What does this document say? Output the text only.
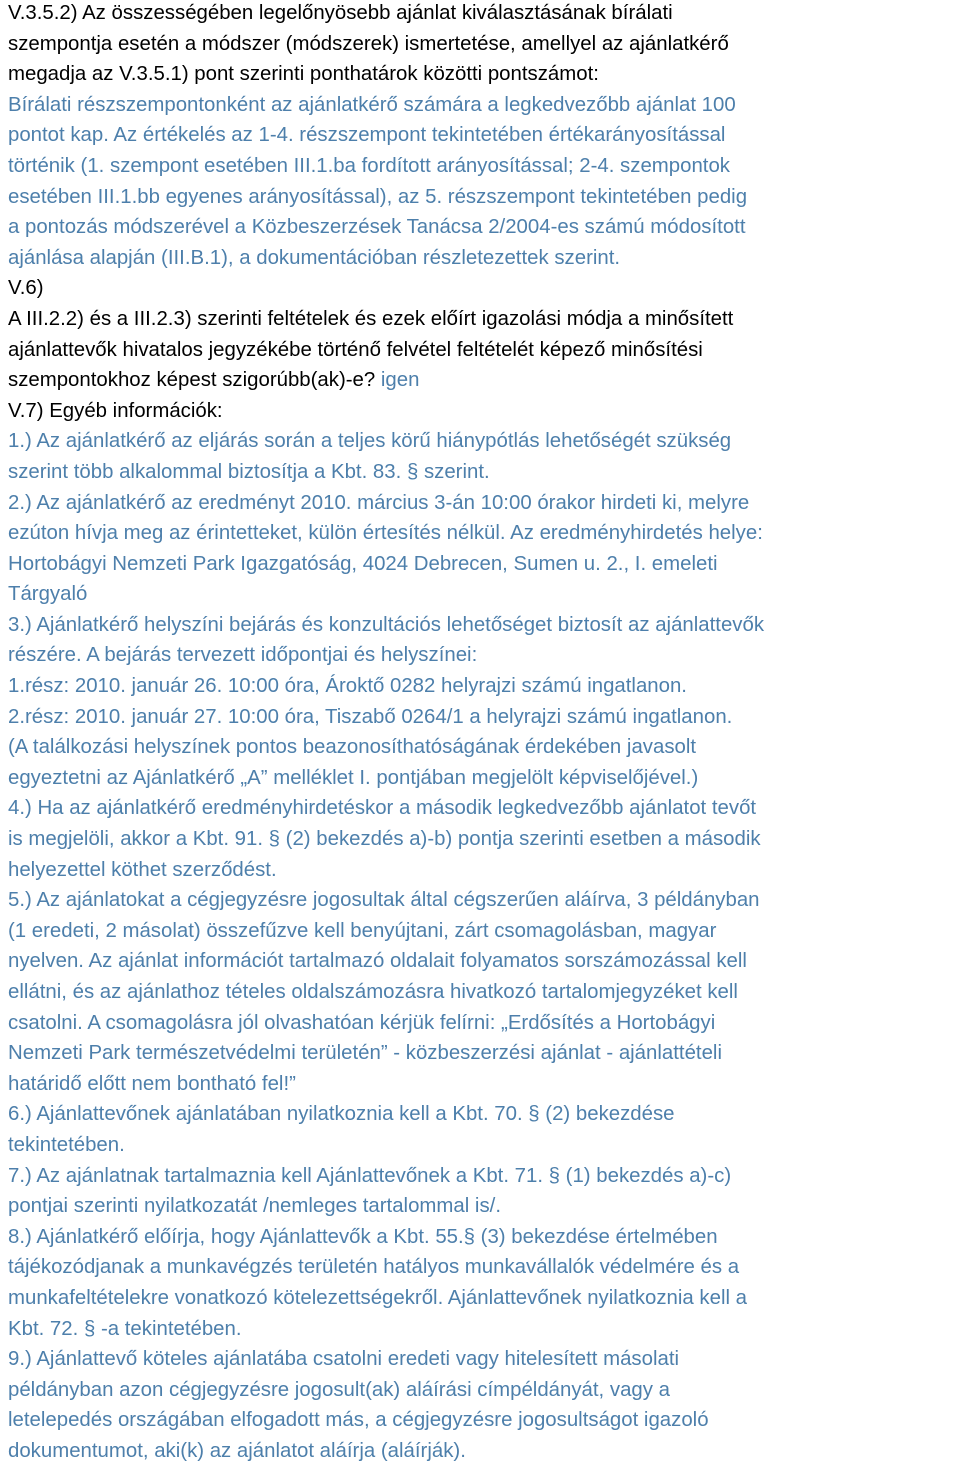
V.3.5.2) Az összességében legelőnyösebb ajánlat kiválasztásának bírálati
szempontja esetén a módszer (módszerek) ismertetése, amellyel az ajánlatkérő
megadja az V.3.5.1) pont szerinti ponthatárok közötti pontszámot:
Bírálati részszempontonként az ajánlatkérő számára a legkedvezőbb ajánlat 100
pontot kap. Az értékelés az 1-4. részszempont tekintetében értékarányosítással
történik (1. szempont esetében III.1.ba fordított arányosítással; 2-4. szempontok
esetében III.1.bb egyenes arányosítással), az 5. részszempont tekintetében pedig
a pontozás módszerével a Közbeszerzések Tanácsa 2/2004-es számú módosított
ajánlása alapján (III.B.1), a dokumentációban részletezettek szerint.
V.6)
A III.2.2) és a III.2.3) szerinti feltételek és ezek előírt igazolási módja a minősített
ajánlattevők hivatalos jegyzékébe történő felvétel feltételét képező minősítési
szempontokhoz képest szigorúbb(ak)-e? igen
V.7) Egyéb információk:
1.) Az ajánlatkérő az eljárás során a teljes körű hiánypótlás lehetőségét szükség
szerint több alkalommal biztosítja a Kbt. 83. § szerint.
2.) Az ajánlatkérő az eredményt 2010. március 3-án 10:00 órakor hirdeti ki, melyre
ezúton hívja meg az érintetteket, külön értesítés nélkül. Az eredményhirdetés helye:
Hortobágyi Nemzeti Park Igazgatóság, 4024 Debrecen, Sumen u. 2., I. emeleti
Tárgyaló
3.) Ajánlatkérő helyszíni bejárás és konzultációs lehetőséget biztosít az ajánlattevők
részére. A bejárás tervezett időpontjai és helyszínei:
1.rész: 2010. január 26. 10:00 óra, Ároktő 0282 helyrajzi számú ingatlanon.
2.rész: 2010. január 27. 10:00 óra, Tiszabő 0264/1 a helyrajzi számú ingatlanon.
(A találkozási helyszínek pontos beazonosíthatóságának érdekében javasolt
egyeztetni az Ajánlatkérő „A” melléklet I. pontjában megjelölt képviselőjével.)
4.) Ha az ajánlatkérő eredményhirdetéskor a második legkedvezőbb ajánlatot tevőt
is megjelöli, akkor a Kbt. 91. § (2) bekezdés a)-b) pontja szerinti esetben a második
helyezettel köthet szerződést.
5.) Az ajánlatokat a cégjegyzésre jogosultak által cégszerűen aláírva, 3 példányban
(1 eredeti, 2 másolat) összefűzve kell benyújtani, zárt csomagolásban, magyar
nyelven. Az ajánlat információt tartalmazó oldalait folyamatos sorszámozással kell
ellátni, és az ajánlathoz tételes oldalszámozásra hivatkozó tartalomjegyzéket kell
csatolni. A csomagolásra jól olvashatóan kérjük felírni: „Erdősítés a Hortobágyi
Nemzeti Park természetvédelmi területén” - közbeszerzési ajánlat - ajánlattételi
határidő előtt nem bontható fel!”
6.) Ajánlattevőnek ajánlatában nyilatkoznia kell a Kbt. 70. § (2) bekezdése
tekintetében.
7.) Az ajánlatnak tartalmaznia kell Ajánlattevőnek a Kbt. 71. § (1) bekezdés a)-c)
pontjai szerinti nyilatkozatát /nemleges tartalommal is/.
8.) Ajánlatkérő előírja, hogy Ajánlattevők a Kbt. 55.§ (3) bekezdése értelmében
tájékozódjanak a munkavégzés területén hatályos munkavállalók védelmére és a
munkafeltételekre vonatkozó kötelezettségekről. Ajánlattevőnek nyilatkoznia kell a
Kbt. 72. § -a tekintetében.
9.) Ajánlattevő köteles ajánlatába csatolni eredeti vagy hitelesített másolati
példányban azon cégjegyzésre jogosult(ak) aláírási címpéldányát, vagy a
letelepedés országában elfogadott más, a cégjegyzésre jogosultságot igazoló
dokumentumot, aki(k) az ajánlatot aláírja (aláírják).
